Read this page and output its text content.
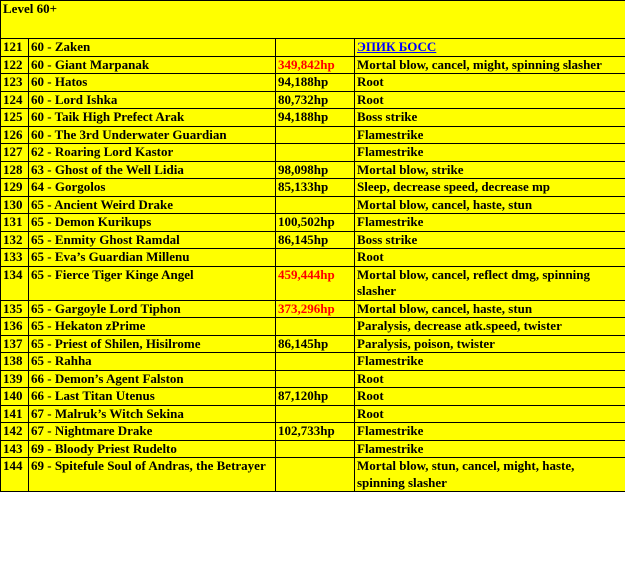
Level 60+			
121	60 - Zaken		ЭПИК БОСС
122	60 - Giant Marpanak	349,842hp	Mortal blow, cancel, might, spinning slasher
123	60 - Hatos	94,188hp	Root
124	60 - Lord Ishka	80,732hp	Root
125	60 - Taik High Prefect Arak	94,188hp	Boss strike
126	60 - The 3rd Underwater Guardian	188,376hp	Flamestrike
127	62 - Roaring Lord Kastor	193,644hp	Flamestrike
128	63 - Ghost of the Well Lidia	98,098hp	Mortal blow, strike
129	64 - Gorgolos	85,133hp	Sleep, decrease speed, decrease mp
130	65 - Ancient Weird Drake	201,006hp	Mortal blow, cancel, haste, stun
131	65 - Demon Kurikups	100,502hp	Flamestrike
132	65 - Enmity Ghost Ramdal	86,145hp	Boss strike
133	65 - Eva’s Guardian Millenu	229,722hp	Root
134	65 - Fierce Tiger Kinge Angel	459,444hp	Mortal blow, cancel, reflect dmg, spinning slasher
135	65 - Gargoyle Lord Tiphon	373,296hp	Mortal blow, cancel, haste, stun
136	65 - Hekaton zPrime	186,648hp	Paralysis, decrease atk.speed, twister
137	65 - Priest of Shilen, Hisilrome	86,145hp	Paralysis, poison, twister
138	65 - Rahha	186,648hp	Flamestrike
139	66 - Demon’s Agent Falston	232,323hp	Root
140	66 - Last Titan Utenus	87,120hp	Root
141	67 - Malruk’s Witch Sekina	190,791hp	Root
142	67 - Nightmare Drake	102,733hp	Flamestrike
143	69 - Bloody Priest Rudelto	239,476hp	Flamestrike
144	69 - Spitefule Soul of Andras, the Betrayer	209,541hp	Mortal blow, stun, cancel, might, haste, spinning slasher
